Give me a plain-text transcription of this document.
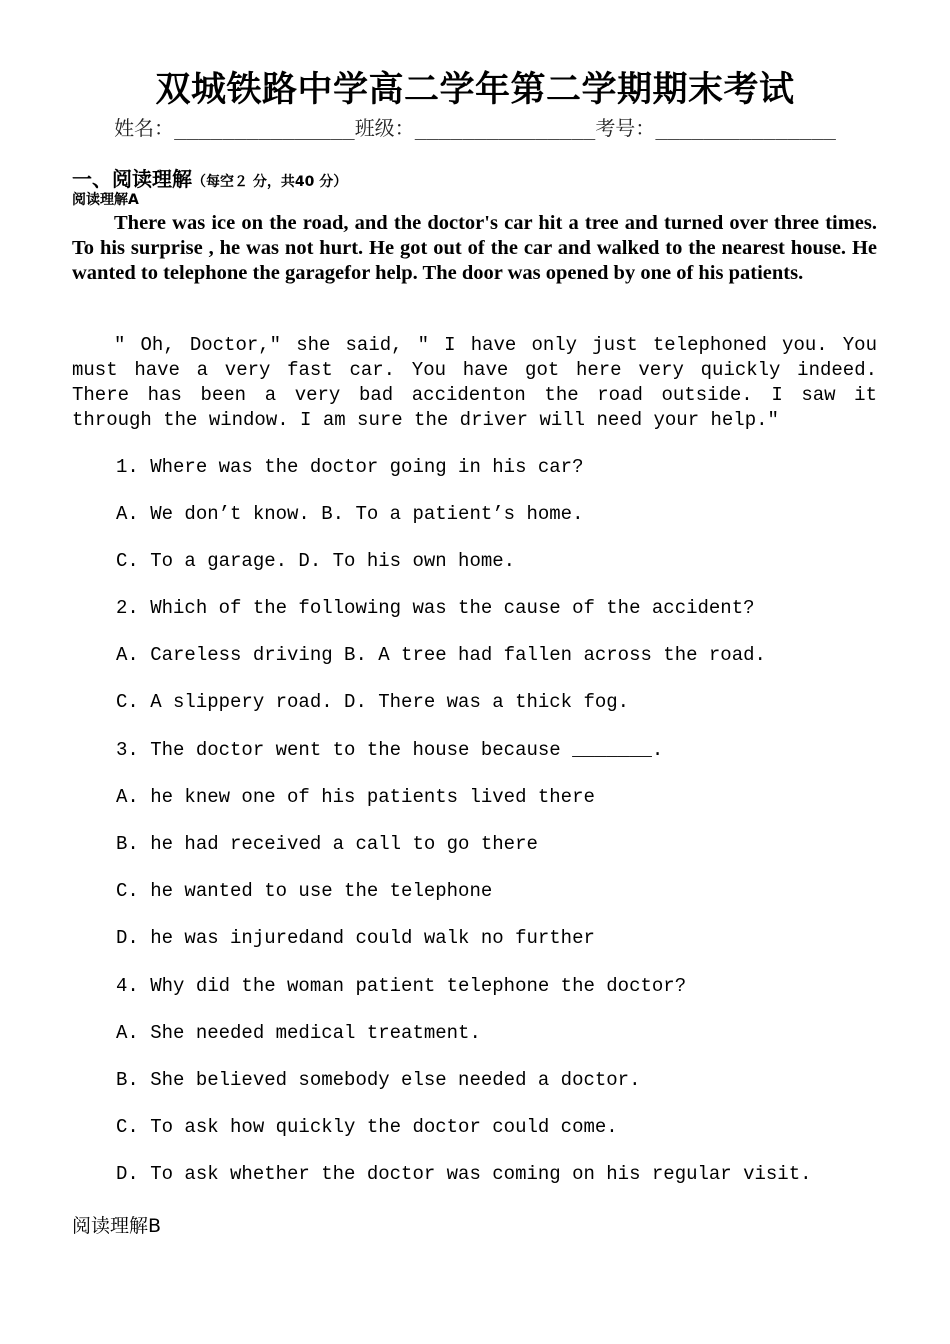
双城铁路中学高二学年第二学期期末考试
姓名：_______________班级：_______________考号：_______________
一、阅读理解（每空２ 分，共40 分）
阅读理解A
There was ice on the road, and the doctor's car hit a tree and turned over three times. To his surprise , he was not hurt. He got out of the car and walked to the nearest house. He wanted to telephone the garagefor help. The door was opened by one of his patients.
″ Oh, Doctor,″ she said, ″ I have only just telephoned you. You must have a very fast car. You have got here very quickly indeed. There has been a very bad accidenton the road outside. I saw it through the window. I am sure the driver will need your help.″
1. Where was the doctor going in his car?
A. We don’t know. B. To a patient’s home.
C. To a garage. D. To his own home.
2. Which of the following was the cause of the accident?
A. Careless driving B. A tree had fallen across the road.
C. A slippery road. D. There was a thick fog.
3. The doctor went to the house because _______.
A. he knew one of his patients lived there
B. he had received a call to go there
C. he wanted to use the telephone
D. he was injuredand could walk no further
4. Why did the woman patient telephone the doctor?
A. She needed medical treatment.
B. She believed somebody else needed a doctor.
C. To ask how quickly the doctor could come.
D. To ask whether the doctor was coming on his regular visit.
阅读理解B
